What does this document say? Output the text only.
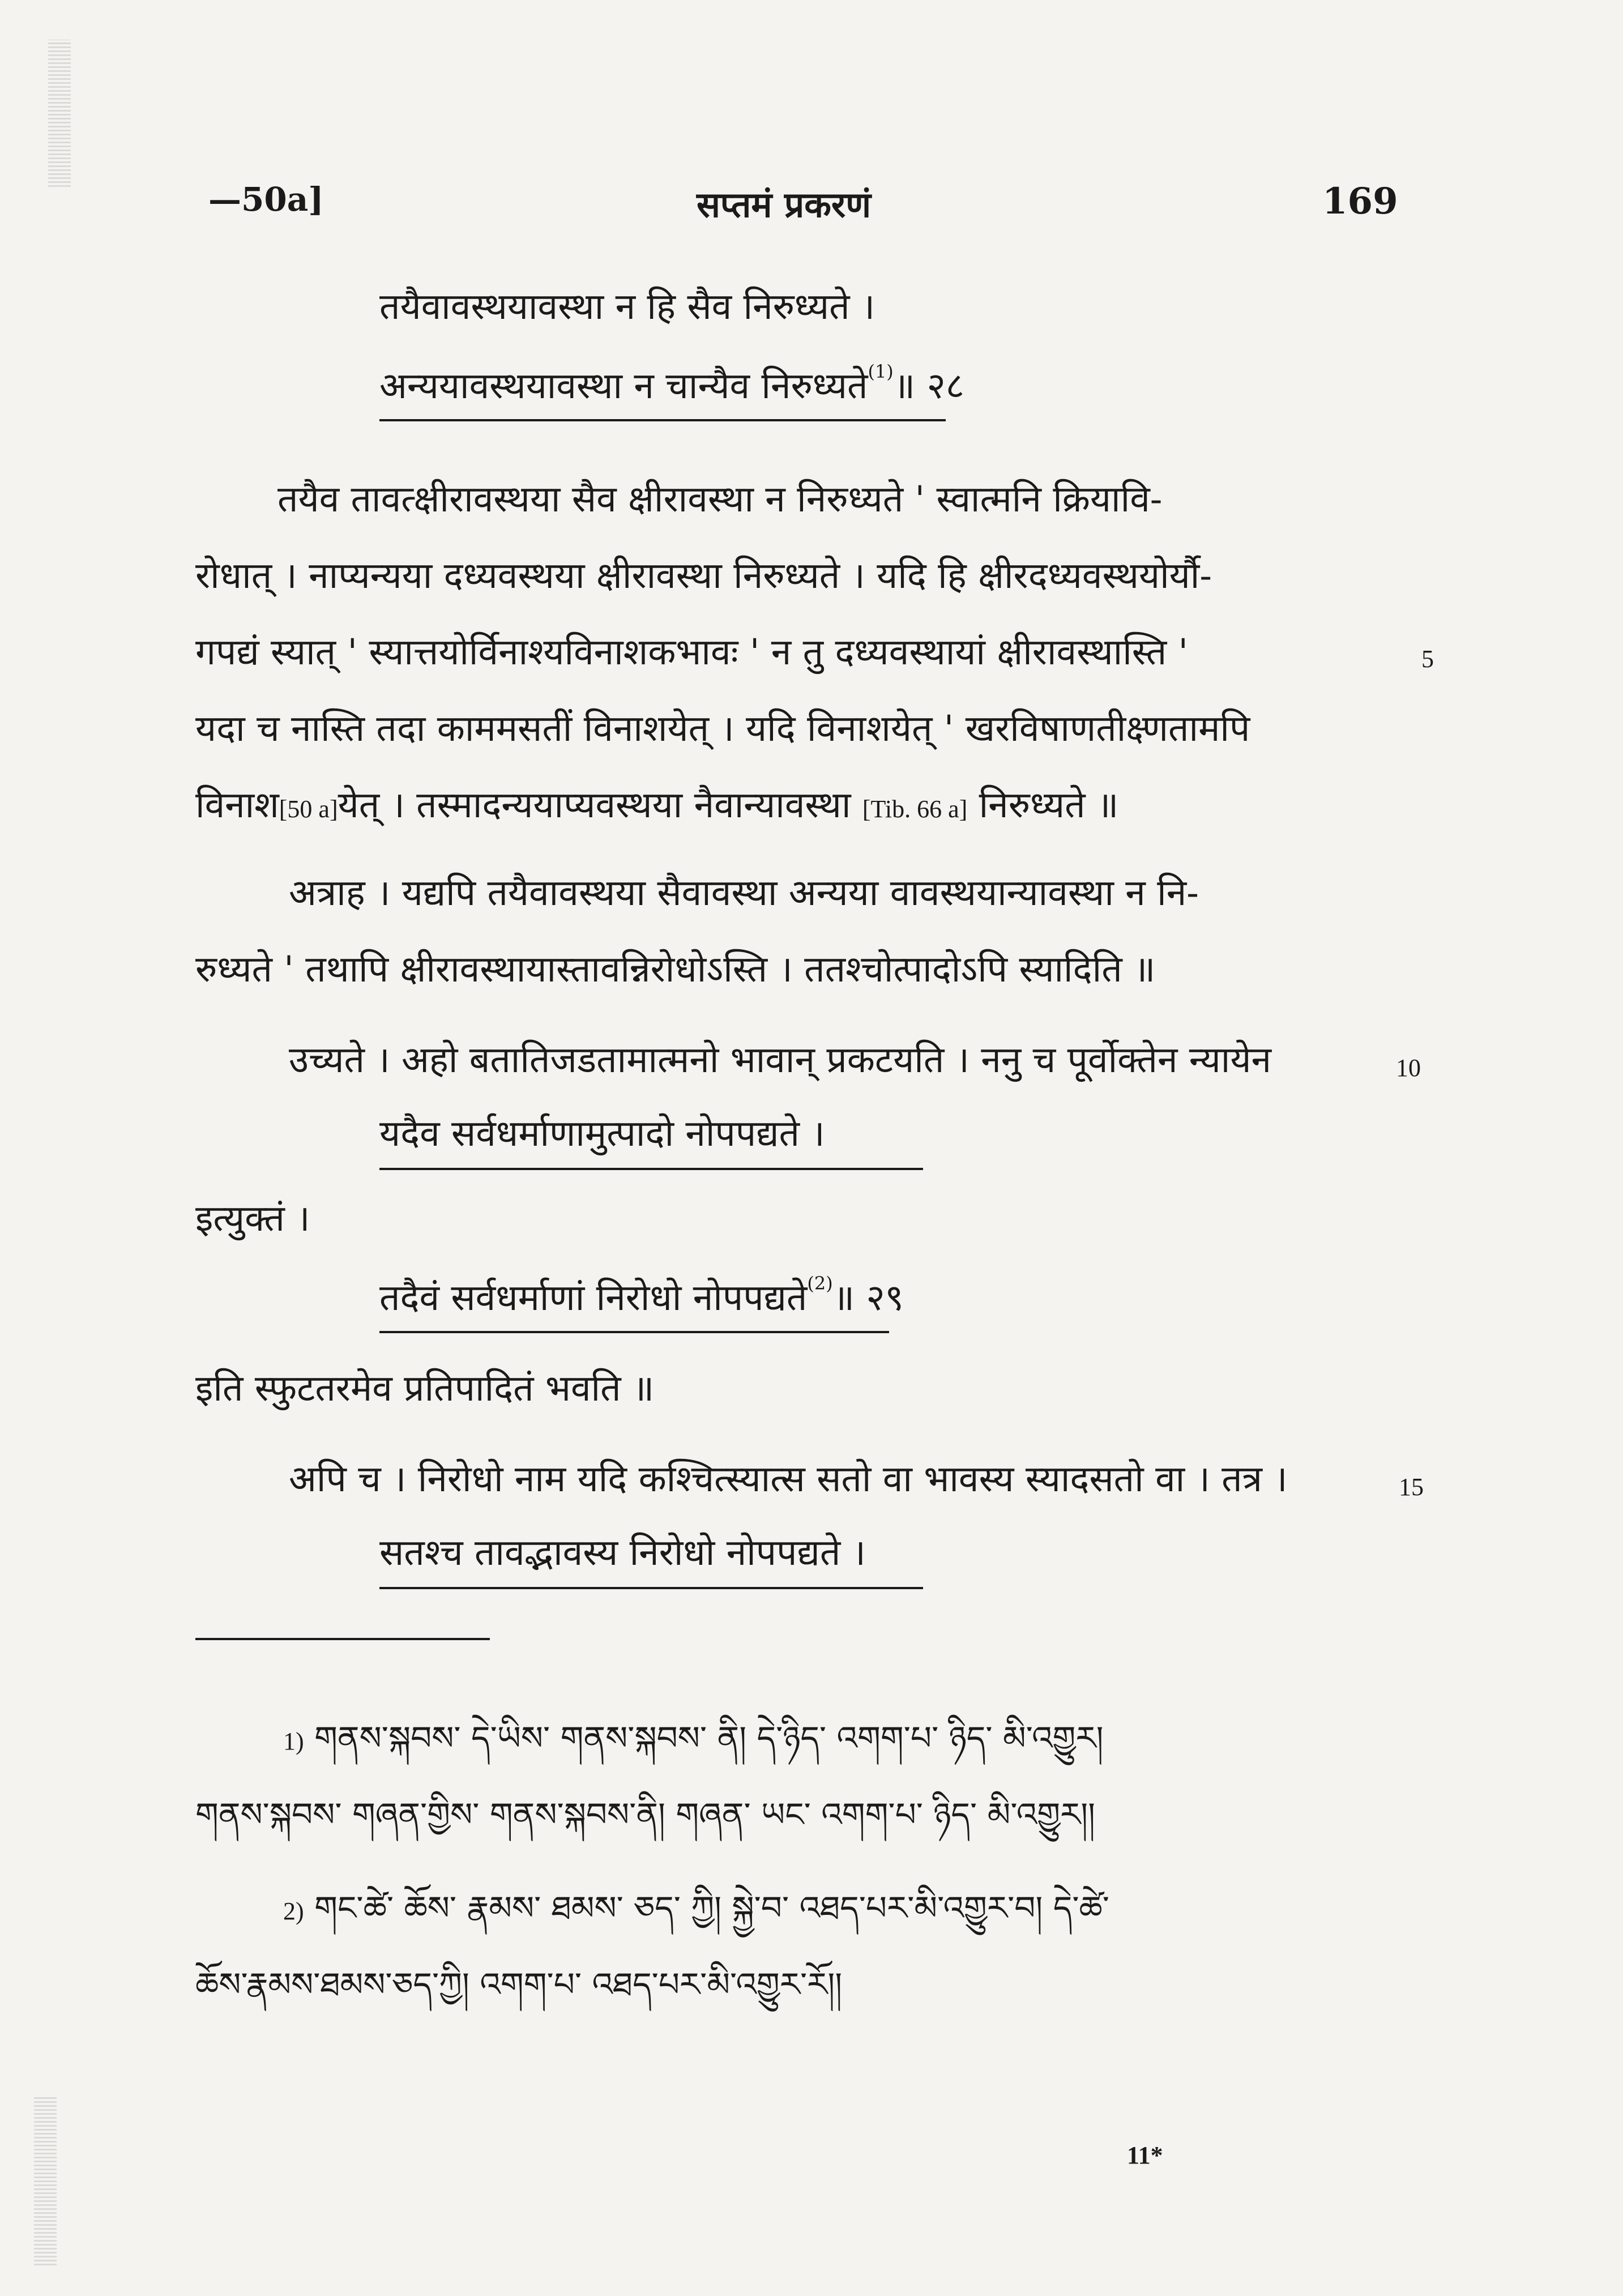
—50a]	सप्तमं प्रकरणं	169
तयैवावस्थयावस्था न हि सैव निरुध्यते ।
अन्ययावस्थयावस्था न चान्यैव निरुध्यते$^{(1)}$॥ २८
तयैव तावत्क्षीरावस्थया सैव क्षीरावस्था न निरुध्यते ' स्वात्मनि क्रियावि-
रोधात् । नाप्यन्यया दध्यवस्थया क्षीरावस्था निरुध्यते । यदि हि क्षीरदध्यवस्थयोर्यौ-
गपद्यं स्यात् ' स्यात्तयोर्विनाश्यविनाशकभावः ' न तु दध्यवस्थायां क्षीरावस्थास्ति '	5
यदा च नास्ति तदा काममसतीं विनाशयेत् । यदि विनाशयेत् ' खरविषाणतीक्ष्णतामपि
विनाश[50 a]येत् । तस्मादन्ययाप्यवस्थया नैवान्यावस्था [Tib. 66 a] निरुध्यते ॥
अत्राह । यद्यपि तयैवावस्थया सैवावस्था अन्यया वावस्थयान्यावस्था न नि-
रुध्यते ' तथापि क्षीरावस्थायास्तावन्निरोधोऽस्ति । ततश्चोत्पादोऽपि स्यादिति ॥
उच्यते । अहो बतातिजडतामात्मनो भावान् प्रकटयति । ननु च पूर्वोक्तेन न्यायेन	10
यदैव सर्वधर्माणामुत्पादो नोपपद्यते ।
इत्युक्तं ।
तदैवं सर्वधर्माणां निरोधो नोपपद्यते$^{(2)}$॥ २९
इति स्फुटतरमेव प्रतिपादितं भवति ॥
अपि च । निरोधो नाम यदि कश्चित्स्यात्स सतो वा भावस्य स्यादसतो वा । तत्र ।	15
सतश्च तावद्भावस्य निरोधो नोपपद्यते ।
1) གནས་སྐབས་ དེ་ཡིས་ གནས་སྐབས་ ནི། དེ་ཉིད་ འགག་པ་ ཉིད་ མི་འགྱུར།
གནས་སྐབས་ གཞན་གྱིས་ གནས་སྐབས་ནི། གཞན་ ཡང་ འགག་པ་ ཉིད་ མི་འགྱུར།།
2) གང་ཚེ་ ཆོས་ རྣམས་ ཐམས་ ཅད་ ཀྱི། སྐྱེ་བ་ འཐད་པར་མི་འགྱུར་བ། དེ་ཚེ་
ཆོས་རྣམས་ཐམས་ཅད་ཀྱི། འགག་པ་ འཐད་པར་མི་འགྱུར་རོ།།
11*
